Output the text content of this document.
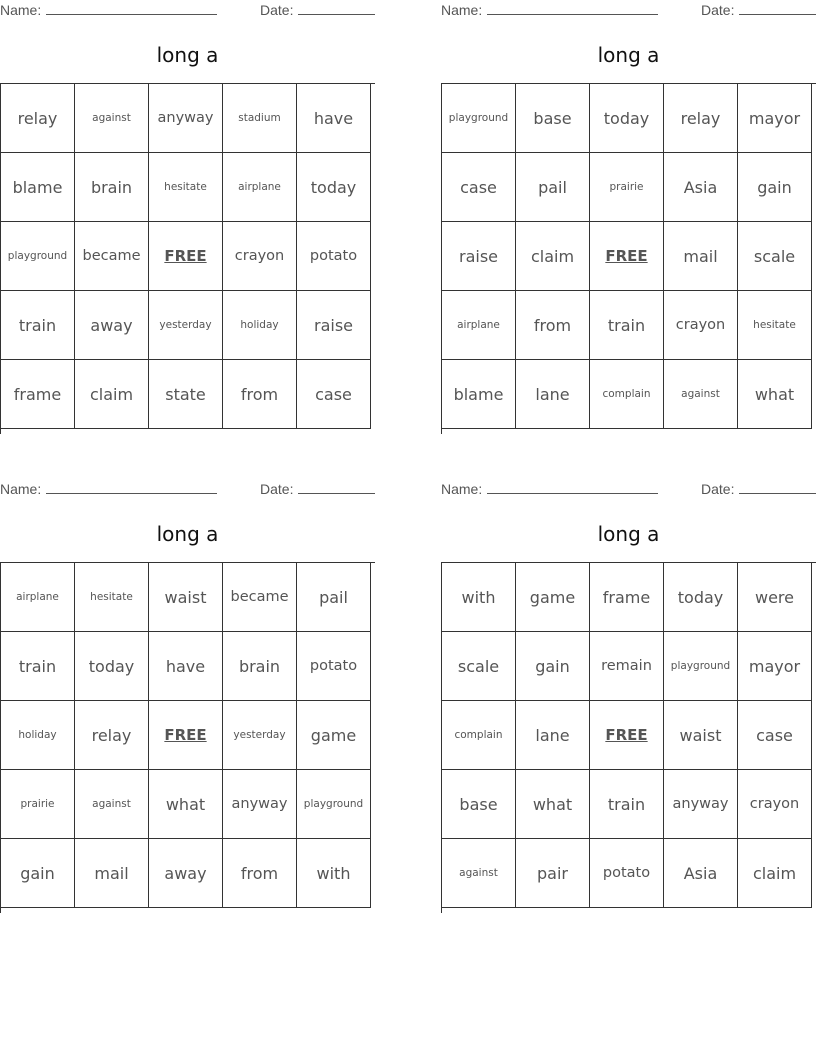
Name:	Date:
long a
relay	against	anyway	stadium	have
blame	brain	hesitate	airplane	today
playground	became	FREE	crayon	potato
train	away	yesterday	holiday	raise
frame	claim	state	from	case
Name:	Date:
long a
playground	base	today	relay	mayor
case	pail	prairie	Asia	gain
raise	claim	FREE	mail	scale
airplane	from	train	crayon	hesitate
blame	lane	complain	against	what
Name:	Date:
long a
airplane	hesitate	waist	became	pail
train	today	have	brain	potato
holiday	relay	FREE	yesterday	game
prairie	against	what	anyway	playground
gain	mail	away	from	with
Name:	Date:
long a
with	game	frame	today	were
scale	gain	remain	playground	mayor
complain	lane	FREE	waist	case
base	what	train	anyway	crayon
against	pair	potato	Asia	claim
